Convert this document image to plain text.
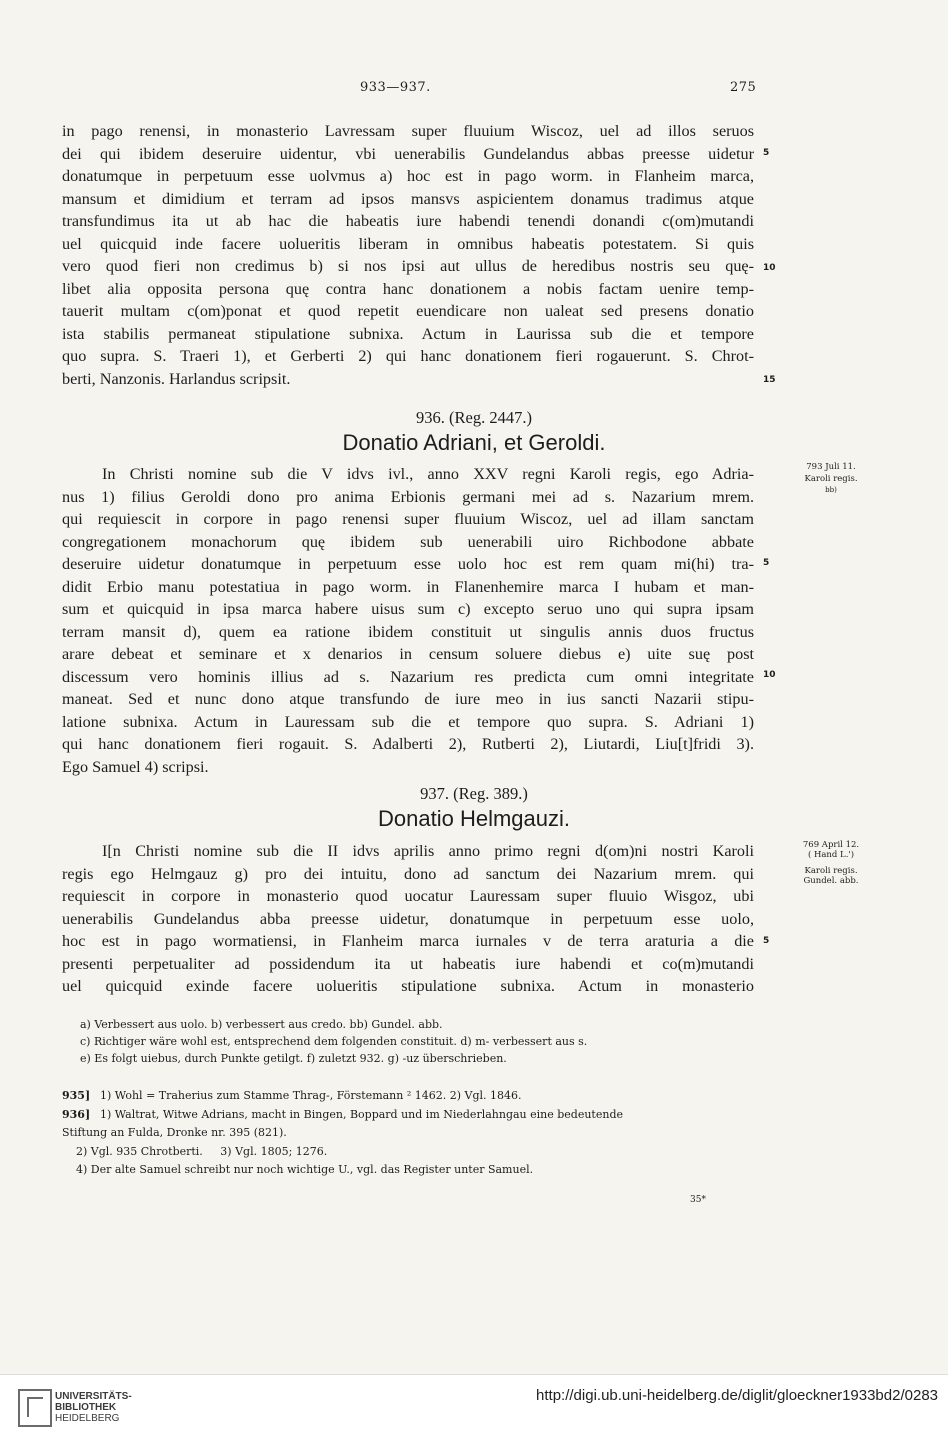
933—937.	275
in pago renensi, in monasterio Lavressam super fluuium Wiscoz, uel ad illos seruos
dei qui ibidem deseruire uidentur, vbi uenerabilis Gundelandus abbas preesse uidetur
donatumque in perpetuum esse uolvmus a) hoc est in pago worm. in Flanheim marca,
mansum et dimidium et terram ad ipsos mansvs aspicientem donamus tradimus atque
transfundimus ita ut ab hac die habeatis iure habendi tenendi donandi c(om)mutandi
uel quicquid inde facere uolueritis liberam in omnibus habeatis potestatem. Si quis
vero quod fieri non credimus b) si nos ipsi aut ullus de heredibus nostris seu quę-
libet alia opposita persona quę contra hanc donationem a nobis factam uenire temp-
tauerit multam c(om)ponat et quod repetit euendicare non ualeat sed presens donatio
ista stabilis permaneat stipulatione subnixa. Actum in Laurissa sub die et tempore
quo supra. S. Traeri 1), et Gerberti 2) qui hanc donationem fieri rogauerunt. S. Chrot-
berti, Nanzonis. Harlandus scripsit.
5
10
15
936. (Reg. 2447.)
Donatio Adriani, et Geroldi.
793 Juli 11.
Karoli regis.
bb)
In Christi nomine sub die V idvs ivl., anno XXV regni Karoli regis, ego Adria-
nus 1) filius Geroldi dono pro anima Erbionis germani mei ad s. Nazarium mrem.
qui requiescit in corpore in pago renensi super fluuium Wiscoz, uel ad illam sanctam
congregationem monachorum quę ibidem sub uenerabili uiro Richbodone abbate
deseruire uidetur donatumque in perpetuum esse uolo hoc est rem quam mi(hi) tra-
didit Erbio manu potestatiua in pago worm. in Flanenhemire marca I hubam et man-
sum et quicquid in ipsa marca habere uisus sum c) excepto seruo uno qui supra ipsam
terram mansit d), quem ea ratione ibidem constituit ut singulis annis duos fructus
arare debeat et seminare et x denarios in censum soluere diebus e) uite suę post
discessum vero hominis illius ad s. Nazarium res predicta cum omni integritate
maneat. Sed et nunc dono atque transfundo de iure meo in ius sancti Nazarii stipu-
latione subnixa. Actum in Lauressam sub die et tempore quo supra. S. Adriani 1)
qui hanc donationem fieri rogauit. S. Adalberti 2), Rutberti 2), Liutardi, Liu[t]fridi 3).
Ego Samuel 4) scripsi.
5
10
937. (Reg. 389.)
Donatio Helmgauzi.
769 April 12.
( Hand L.')
Karoli regis.
Gundel. abb.
I[n Christi nomine sub die II idvs aprilis anno primo regni d(om)ni nostri Karoli
regis ego Helmgauz g) pro dei intuitu, dono ad sanctum dei Nazarium mrem. qui
requiescit in corpore in monasterio quod uocatur Lauressam super fluuio Wisgoz, ubi
uenerabilis Gundelandus abba preesse uidetur, donatumque in perpetuum esse uolo,
hoc est in pago wormatiensi, in Flanheim marca iurnales v de terra araturia a die
presenti perpetualiter ad possidendum ita ut habeatis iure habendi et co(m)mutandi
uel quicquid exinde facere uolueritis stipulatione subnixa. Actum in monasterio
5
a) Verbessert aus uolo. b) verbessert aus credo. bb) Gundel. abb.
c) Richtiger wäre wohl est, entsprechend dem folgenden constituit. d) m- verbessert aus s.
e) Es folgt uiebus, durch Punkte getilgt. f) zuletzt 932. g) -uz überschrieben.
935] 1) Wohl = Traherius zum Stamme Thrag-, Förstemann ² 1462. 2) Vgl. 1846.
936] 1) Waltrat, Witwe Adrians, macht in Bingen, Boppard und im Niederlahngau eine bedeutende
Stiftung an Fulda, Dronke nr. 395 (821).
2) Vgl. 935 Chrotberti.     3) Vgl. 1805; 1276.
4) Der alte Samuel schreibt nur noch wichtige U., vgl. das Register unter Samuel.
35*
UNIVERSITÄTS-
BIBLIOTHEK
HEIDELBERG
http://digi.ub.uni-heidelberg.de/diglit/gloeckner1933bd2/0283
